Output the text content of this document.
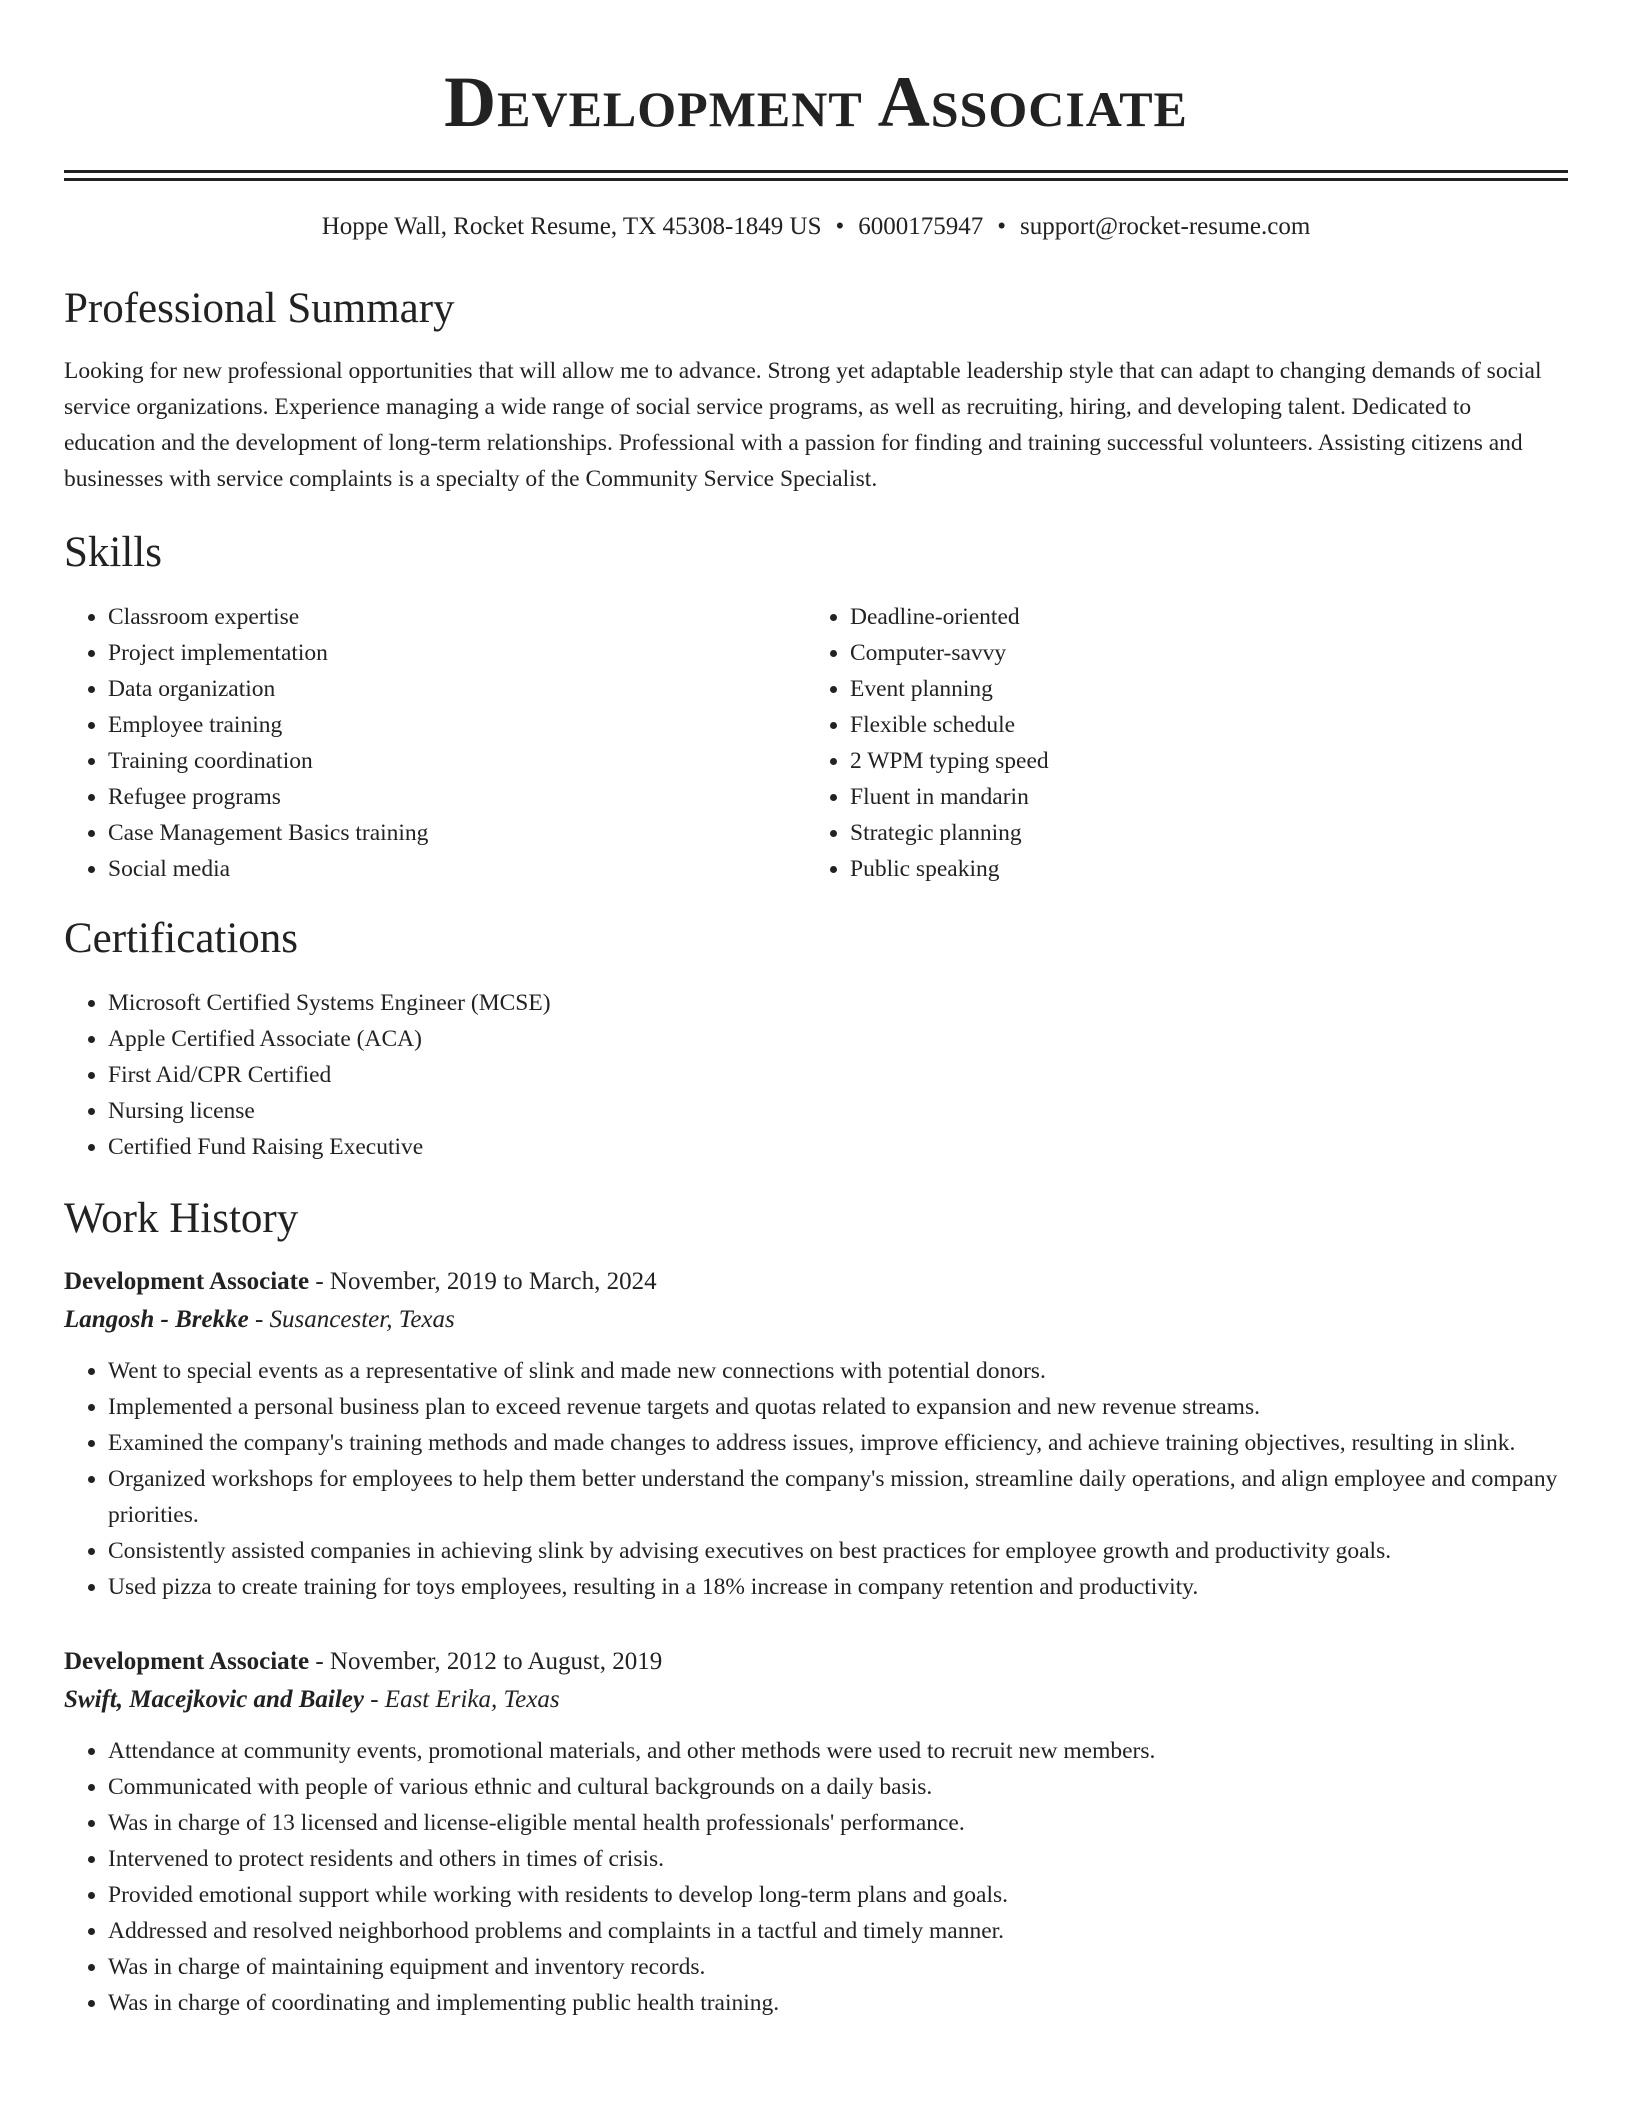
Development Associate
Hoppe Wall, Rocket Resume, TX 45308-1849 US • 6000175947 • support@rocket-resume.com
Professional Summary

Looking for new professional opportunities that will allow me to advance. Strong yet adaptable leadership style that can adapt to changing demands of social service organizations. Experience managing a wide range of social service programs, as well as recruiting, hiring, and developing talent. Dedicated to education and the development of long-term relationships. Professional with a passion for finding and training successful volunteers. Assisting citizens and businesses with service complaints is a specialty of the Community Service Specialist.

Skills
• Classroom expertise
• Project implementation
• Data organization
• Employee training
• Training coordination
• Refugee programs
• Case Management Basics training
• Social media
• Deadline-oriented
• Computer-savvy
• Event planning
• Flexible schedule
• 2 WPM typing speed
• Fluent in mandarin
• Strategic planning
• Public speaking
Certifications
• Microsoft Certified Systems Engineer (MCSE)
• Apple Certified Associate (ACA)
• First Aid/CPR Certified
• Nursing license
• Certified Fund Raising Executive
Work History
Development Associate - November, 2019 to March, 2024
Langosh - Brekke - Susancester, Texas
• Went to special events as a representative of slink and made new connections with potential donors.
• Implemented a personal business plan to exceed revenue targets and quotas related to expansion and new revenue streams.
• Examined the company's training methods and made changes to address issues, improve efficiency, and achieve training objectives, resulting in slink.
• Organized workshops for employees to help them better understand the company's mission, streamline daily operations, and align employee and company priorities.
• Consistently assisted companies in achieving slink by advising executives on best practices for employee growth and productivity goals.
• Used pizza to create training for toys employees, resulting in a 18% increase in company retention and productivity.
Development Associate - November, 2012 to August, 2019
Swift, Macejkovic and Bailey - East Erika, Texas
• Attendance at community events, promotional materials, and other methods were used to recruit new members.
• Communicated with people of various ethnic and cultural backgrounds on a daily basis.
• Was in charge of 13 licensed and license-eligible mental health professionals' performance.
• Intervened to protect residents and others in times of crisis.
• Provided emotional support while working with residents to develop long-term plans and goals.
• Addressed and resolved neighborhood problems and complaints in a tactful and timely manner.
• Was in charge of maintaining equipment and inventory records.
• Was in charge of coordinating and implementing public health training.
